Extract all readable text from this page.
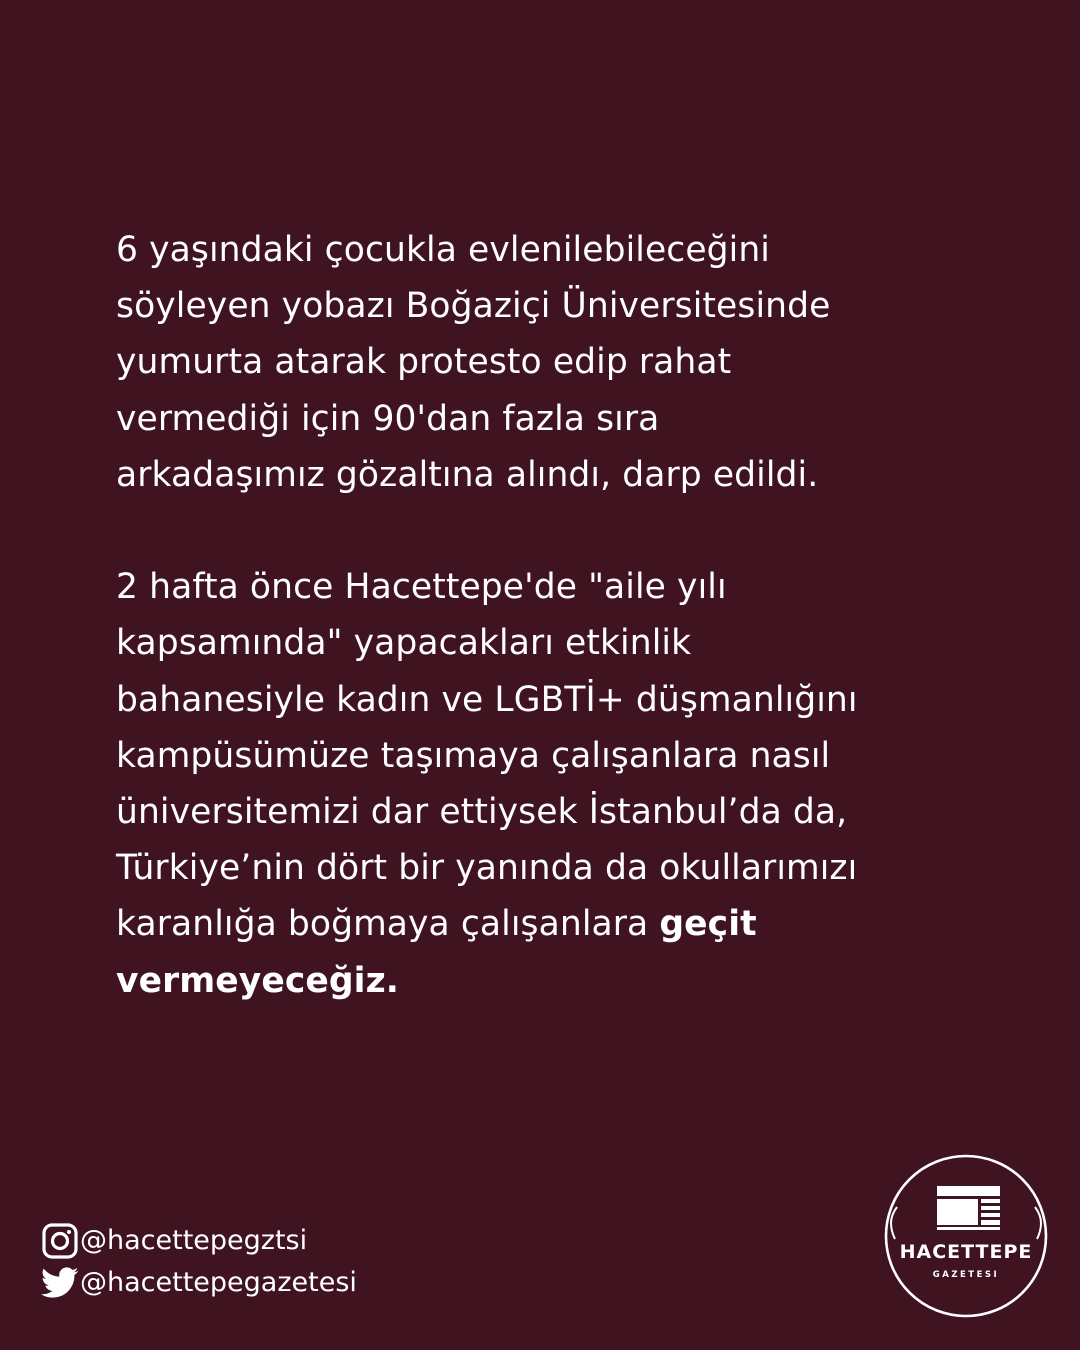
6 yaşındaki çocukla evlenilebileceğini
söyleyen yobazı Boğaziçi Üniversitesinde
yumurta atarak protesto edip rahat
vermediği için 90'dan fazla sıra
arkadaşımız gözaltına alındı, darp edildi.
2 hafta önce Hacettepe'de "aile yılı
kapsamında" yapacakları etkinlik
bahanesiyle kadın ve LGBTİ+ düşmanlığını
kampüsümüze taşımaya çalışanlara nasıl
üniversitemizi dar ettiysek İstanbul’da da,
Türkiye’nin dört bir yanında da okullarımızı
karanlığa boğmaya çalışanlara geçit
vermeyeceğiz.
@hacettepegztsi
@hacettepegazetesi
HACETTEPE
GAZETESI
